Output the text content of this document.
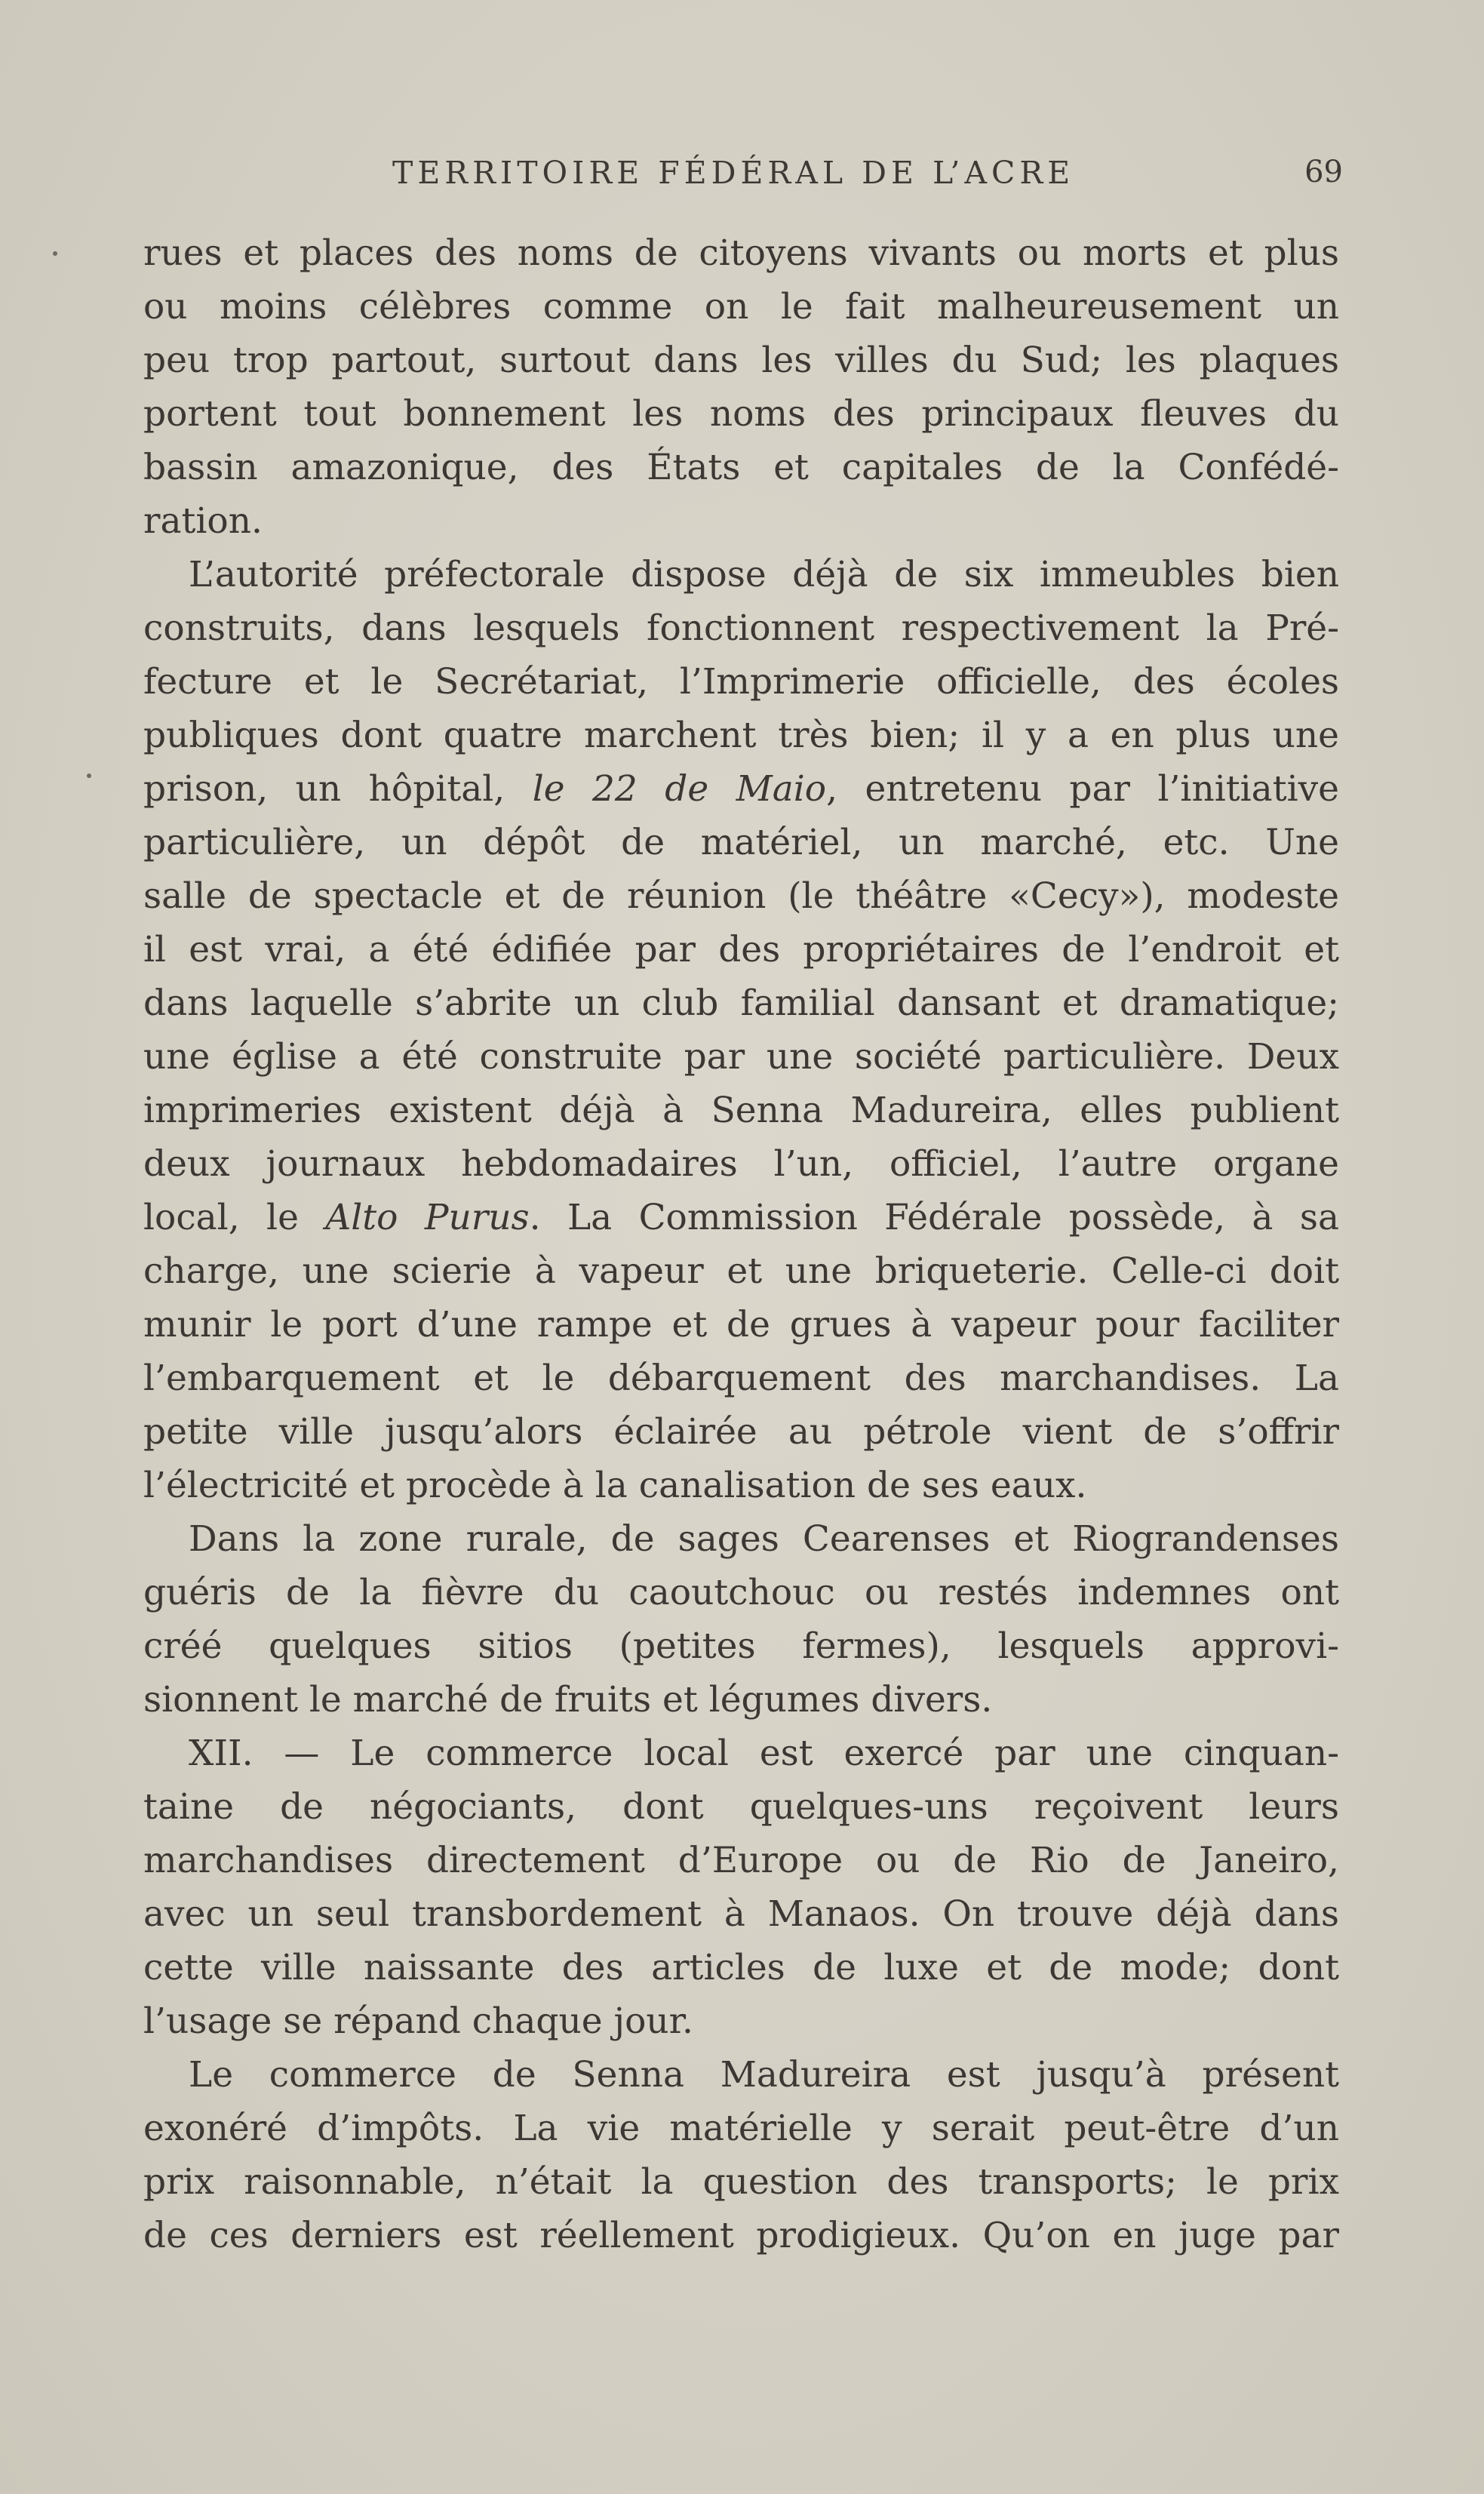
TERRITOIRE FÉDÉRAL DE L’ACRE	69
rues et places des noms de citoyens vivants ou morts et plus
ou moins célèbres comme on le fait malheureusement un
peu trop partout, surtout dans les villes du Sud; les plaques
portent tout bonnement les noms des principaux fleuves du
bassin amazonique, des États et capitales de la Confédé-
ration.
L’autorité préfectorale dispose déjà de six immeubles bien
construits, dans lesquels fonctionnent respectivement la Pré-
fecture et le Secrétariat, l’Imprimerie officielle, des écoles
publiques dont quatre marchent très bien; il y a en plus une
prison, un hôpital, le 22 de Maio, entretenu par l’initiative
particulière, un dépôt de matériel, un marché, etc. Une
salle de spectacle et de réunion (le théâtre «Cecy»), modeste
il est vrai, a été édifiée par des propriétaires de l’endroit et
dans laquelle s’abrite un club familial dansant et dramatique;
une église a été construite par une société particulière. Deux
imprimeries existent déjà à Senna Madureira, elles publient
deux journaux hebdomadaires l’un, officiel, l’autre organe
local, le Alto Purus. La Commission Fédérale possède, à sa
charge, une scierie à vapeur et une briqueterie. Celle-ci doit
munir le port d’une rampe et de grues à vapeur pour faciliter
l’embarquement et le débarquement des marchandises. La
petite ville jusqu’alors éclairée au pétrole vient de s’offrir
l’électricité et procède à la canalisation de ses eaux.
Dans la zone rurale, de sages Cearenses et Riograndenses
guéris de la fièvre du caoutchouc ou restés indemnes ont
créé quelques sitios (petites fermes), lesquels approvi-
sionnent le marché de fruits et légumes divers.
XII. — Le commerce local est exercé par une cinquan-
taine de négociants, dont quelques-uns reçoivent leurs
marchandises directement d’Europe ou de Rio de Janeiro,
avec un seul transbordement à Manaos. On trouve déjà dans
cette ville naissante des articles de luxe et de mode; dont
l’usage se répand chaque jour.
Le commerce de Senna Madureira est jusqu’à présent
exonéré d’impôts. La vie matérielle y serait peut-être d’un
prix raisonnable, n’était la question des transports; le prix
de ces derniers est réellement prodigieux. Qu’on en juge par
